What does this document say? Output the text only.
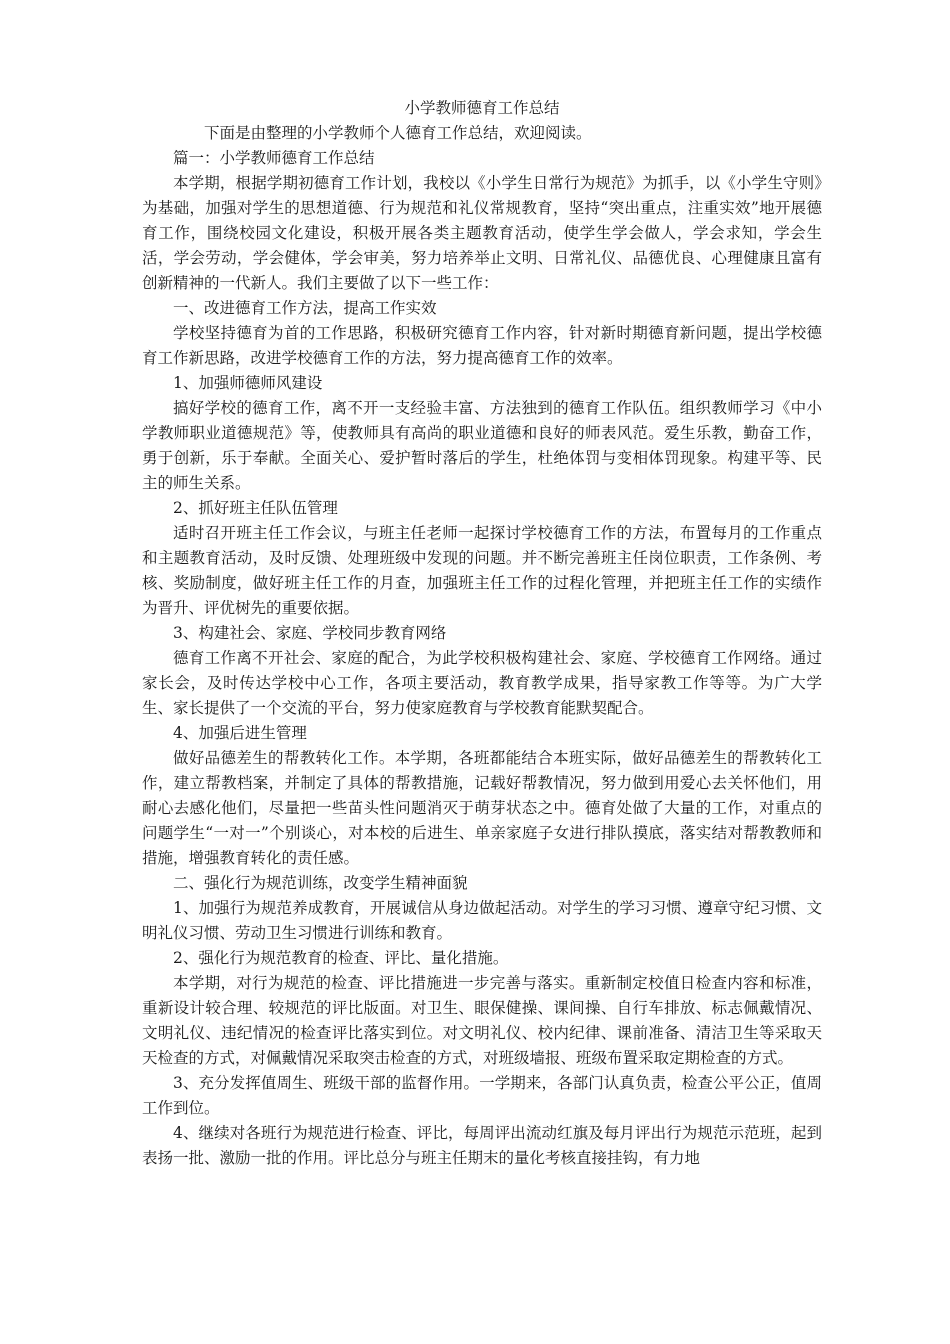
小学教师德育工作总结

下面是由整理的小学教师个人德育工作总结，欢迎阅读。

篇一：小学教师德育工作总结

本学期，根据学期初德育工作计划，我校以《小学生日常行为规范》为抓手，以《小学生守则》为基础，加强对学生的思想道德、行为规范和礼仪常规教育，坚持“突出重点，注重实效”地开展德育工作，围绕校园文化建设，积极开展各类主题教育活动，使学生学会做人，学会求知，学会生活，学会劳动，学会健体，学会审美，努力培养举止文明、日常礼仪、品德优良、心理健康且富有创新精神的一代新人。我们主要做了以下一些工作：

一、改进德育工作方法，提高工作实效

学校坚持德育为首的工作思路，积极研究德育工作内容，针对新时期德育新问题，提出学校德育工作新思路，改进学校德育工作的方法，努力提高德育工作的效率。

1、加强师德师风建设

搞好学校的德育工作，离不开一支经验丰富、方法独到的德育工作队伍。组织教师学习《中小学教师职业道德规范》等，使教师具有高尚的职业道德和良好的师表风范。爱生乐教，勤奋工作，勇于创新，乐于奉献。全面关心、爱护暂时落后的学生，杜绝体罚与变相体罚现象。构建平等、民主的师生关系。

2、抓好班主任队伍管理

适时召开班主任工作会议，与班主任老师一起探讨学校德育工作的方法，布置每月的工作重点和主题教育活动，及时反馈、处理班级中发现的问题。并不断完善班主任岗位职责，工作条例、考核、奖励制度，做好班主任工作的月查，加强班主任工作的过程化管理，并把班主任工作的实绩作为晋升、评优树先的重要依据。

3、构建社会、家庭、学校同步教育网络

德育工作离不开社会、家庭的配合，为此学校积极构建社会、家庭、学校德育工作网络。通过家长会，及时传达学校中心工作，各项主要活动，教育教学成果，指导家教工作等等。为广大学生、家长提供了一个交流的平台，努力使家庭教育与学校教育能默契配合。

4、加强后进生管理

做好品德差生的帮教转化工作。本学期，各班都能结合本班实际，做好品德差生的帮教转化工作，建立帮教档案，并制定了具体的帮教措施，记载好帮教情况，努力做到用爱心去关怀他们，用耐心去感化他们，尽量把一些苗头性问题消灭于萌芽状态之中。德育处做了大量的工作，对重点的问题学生“一对一”个别谈心，对本校的后进生、单亲家庭子女进行排队摸底，落实结对帮教教师和措施，增强教育转化的责任感。

二、强化行为规范训练，改变学生精神面貌

1、加强行为规范养成教育，开展诚信从身边做起活动。对学生的学习习惯、遵章守纪习惯、文明礼仪习惯、劳动卫生习惯进行训练和教育。

2、强化行为规范教育的检查、评比、量化措施。

本学期，对行为规范的检查、评比措施进一步完善与落实。重新制定校值日检查内容和标准，重新设计较合理、较规范的评比版面。对卫生、眼保健操、课间操、自行车排放、标志佩戴情况、文明礼仪、违纪情况的检查评比落实到位。对文明礼仪、校内纪律、课前准备、清洁卫生等采取天天检查的方式，对佩戴情况采取突击检查的方式，对班级墙报、班级布置采取定期检查的方式。

3、充分发挥值周生、班级干部的监督作用。一学期来，各部门认真负责，检查公平公正，值周工作到位。

4、继续对各班行为规范进行检查、评比，每周评出流动红旗及每月评出行为规范示范班，起到表扬一批、激励一批的作用。评比总分与班主任期末的量化考核直接挂钩，有力地
